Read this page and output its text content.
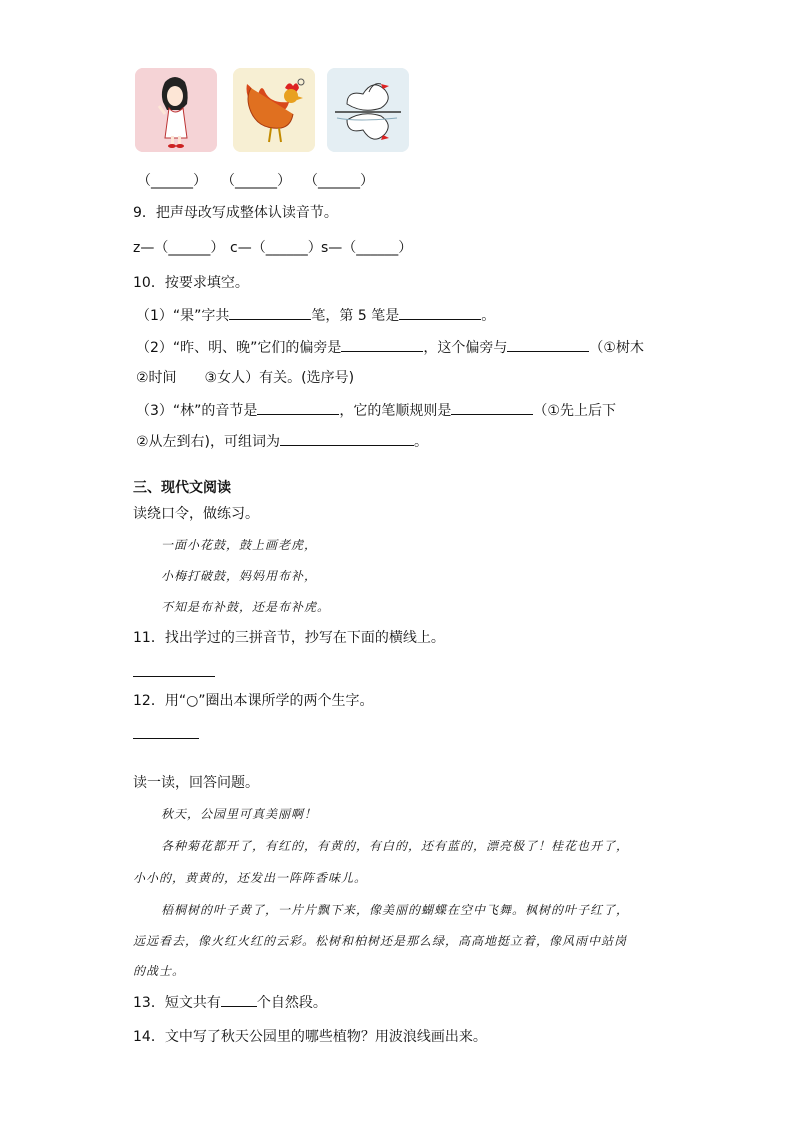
（______） （______） （______）
9．把声母改写成整体认读音节。
z—（______） c—（______） s—（______）
10．按要求填空。
（1）“果”字共	笔，第 5 笔是	。
（2）“昨、明、晚”它们的偏旁是	，这个偏旁与	（①树木
②时间　　③女人）有关。(选序号)
（3）“林”的音节是	，它的笔顺规则是	（①先上后下
②从左到右)，可组词为	。
三、现代文阅读
读绕口令，做练习。
一面小花鼓，鼓上画老虎，
小梅打破鼓，妈妈用布补，
不知是布补鼓，还是布补虎。
11．找出学过的三拼音节，抄写在下面的横线上。
12．用“○”圈出本课所学的两个生字。
读一读，回答问题。
秋天，公园里可真美丽啊！
各种菊花都开了，有红的，有黄的，有白的，还有蓝的，漂亮极了！桂花也开了，
小小的，黄黄的，还发出一阵阵香味儿。
梧桐树的叶子黄了，一片片飘下来，像美丽的蝴蝶在空中飞舞。枫树的叶子红了，
远远看去，像火红火红的云彩。松树和柏树还是那么绿，高高地挺立着，像风雨中站岗
的战士。
13．短文共有	个自然段。
14．文中写了秋天公园里的哪些植物？用波浪线画出来。
